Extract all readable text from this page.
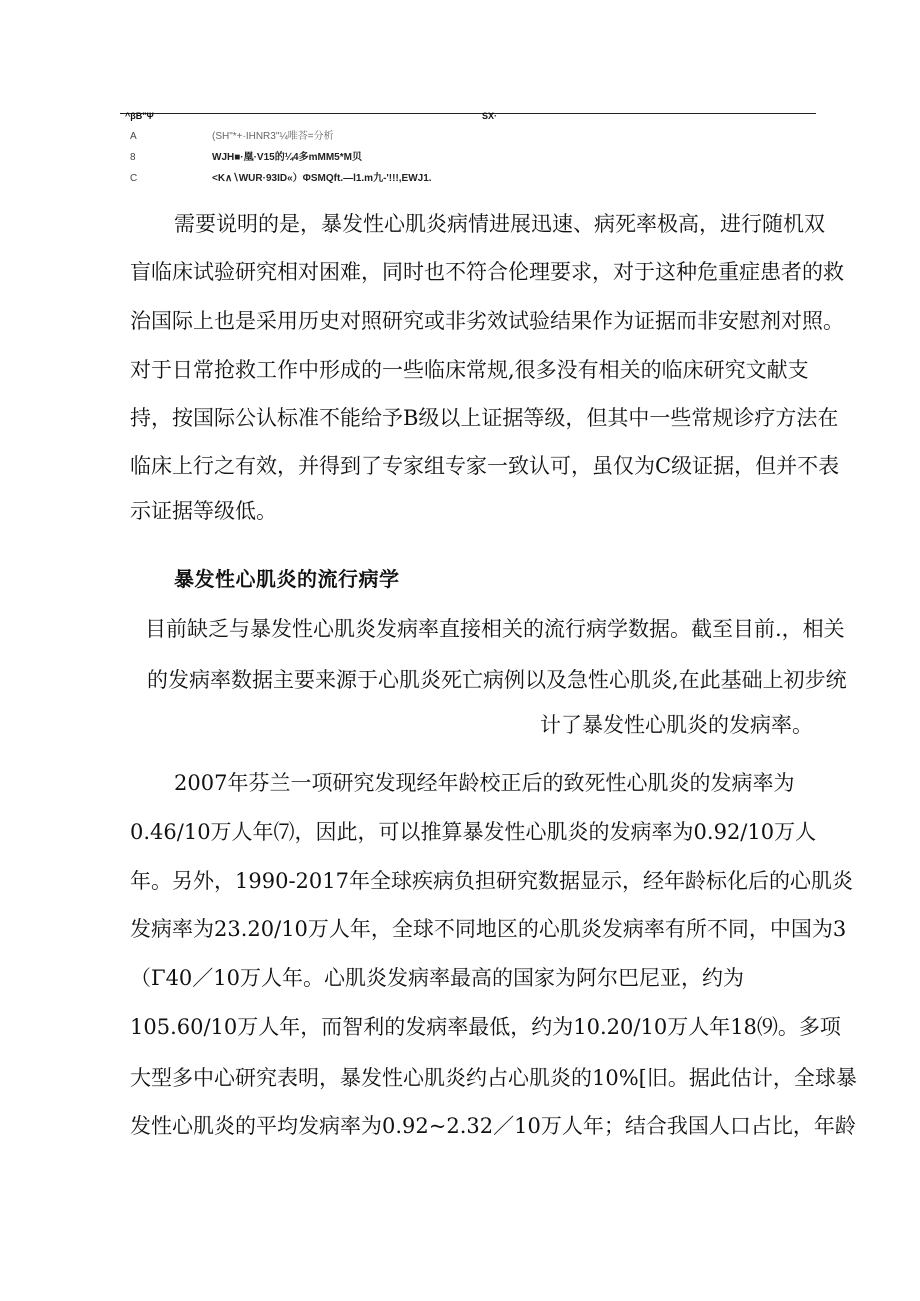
^βB"Ψ	SX·
A	(SH"*+·IHNR3"¼唯荅=分析
8	WJH■·凰·V15的¼4多mMM5*M贝
C	<K∧∖WUR·93ID«）ΦSMQft.—l1.m九-'!!!,EWJ1.
需要说明的是，暴发性心肌炎病情进展迅速、病死率极高，进行随机双
盲临床试验研究相对困难，同时也不符合伦理要求，对于这种危重症患者的救
治国际上也是采用历史对照研究或非劣效试验结果作为证据而非安慰剂对照。
对于日常抢救工作中形成的一些临床常规,很多没有相关的临床研究文献支
持，按国际公认标准不能给予B级以上证据等级，但其中一些常规诊疗方法在
临床上行之有效，并得到了专家组专家一致认可，虽仅为C级证据，但并不表
示证据等级低。
暴发性心肌炎的流行病学
目前缺乏与暴发性心肌炎发病率直接相关的流行病学数据。截至目前.，相关
的发病率数据主要来源于心肌炎死亡病例以及急性心肌炎,在此基础上初步统
计了暴发性心肌炎的发病率。
2007年芬兰一项研究发现经年龄校正后的致死性心肌炎的发病率为
0.46/10万人年⑺，因此，可以推算暴发性心肌炎的发病率为0.92/10万人
年。另外，1990-2017年全球疾病负担研究数据显示，经年龄标化后的心肌炎
发病率为23.20/10万人年，全球不同地区的心肌炎发病率有所不同，中国为3
（Γ40／10万人年。心肌炎发病率最高的国家为阿尔巴尼亚，约为
105.60/10万人年，而智利的发病率最低，约为10.20/10万人年18⑼。多项
大型多中心研究表明，暴发性心肌炎约占心肌炎的10%[旧。据此估计，全球暴
发性心肌炎的平均发病率为0.92~2.32／10万人年；结合我国人口占比，年龄
